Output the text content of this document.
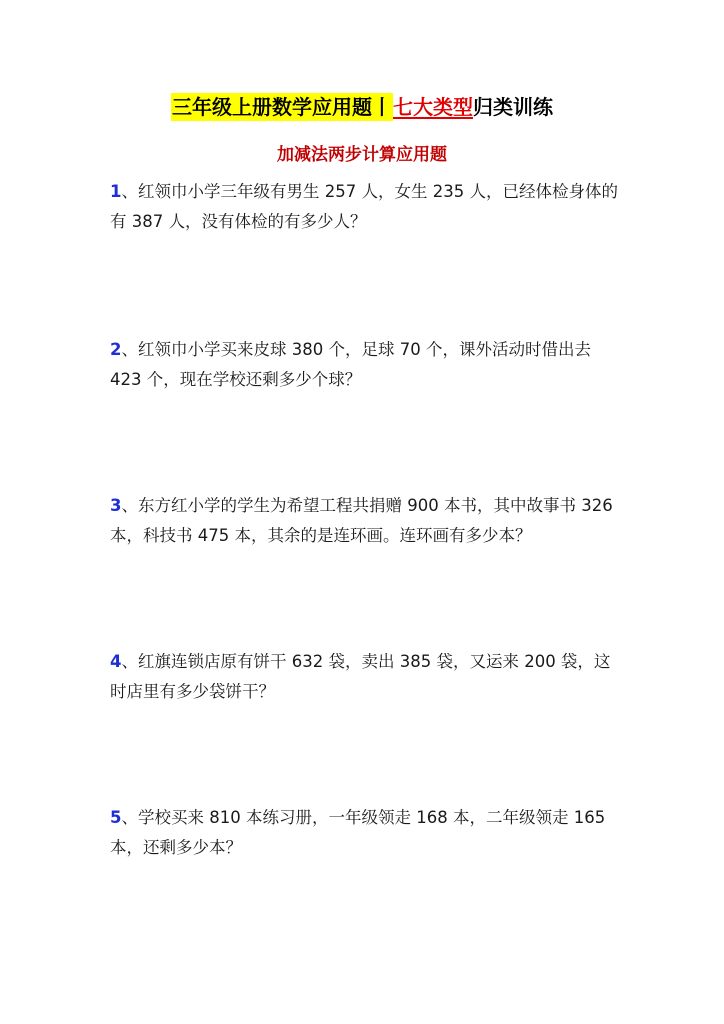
三年级上册数学应用题丨七大类型归类训练
加减法两步计算应用题
1、红领巾小学三年级有男生 257 人，女生 235 人，已经体检身体的有 387 人，没有体检的有多少人？
2、红领巾小学买来皮球 380 个，足球 70 个，课外活动时借出去 423 个，现在学校还剩多少个球？
3、东方红小学的学生为希望工程共捐赠 900 本书，其中故事书 326 本，科技书 475 本，其余的是连环画。连环画有多少本？
4、红旗连锁店原有饼干 632 袋，卖出 385 袋，又运来 200 袋，这时店里有多少袋饼干？
5、学校买来 810 本练习册，一年级领走 168 本，二年级领走 165 本，还剩多少本？
